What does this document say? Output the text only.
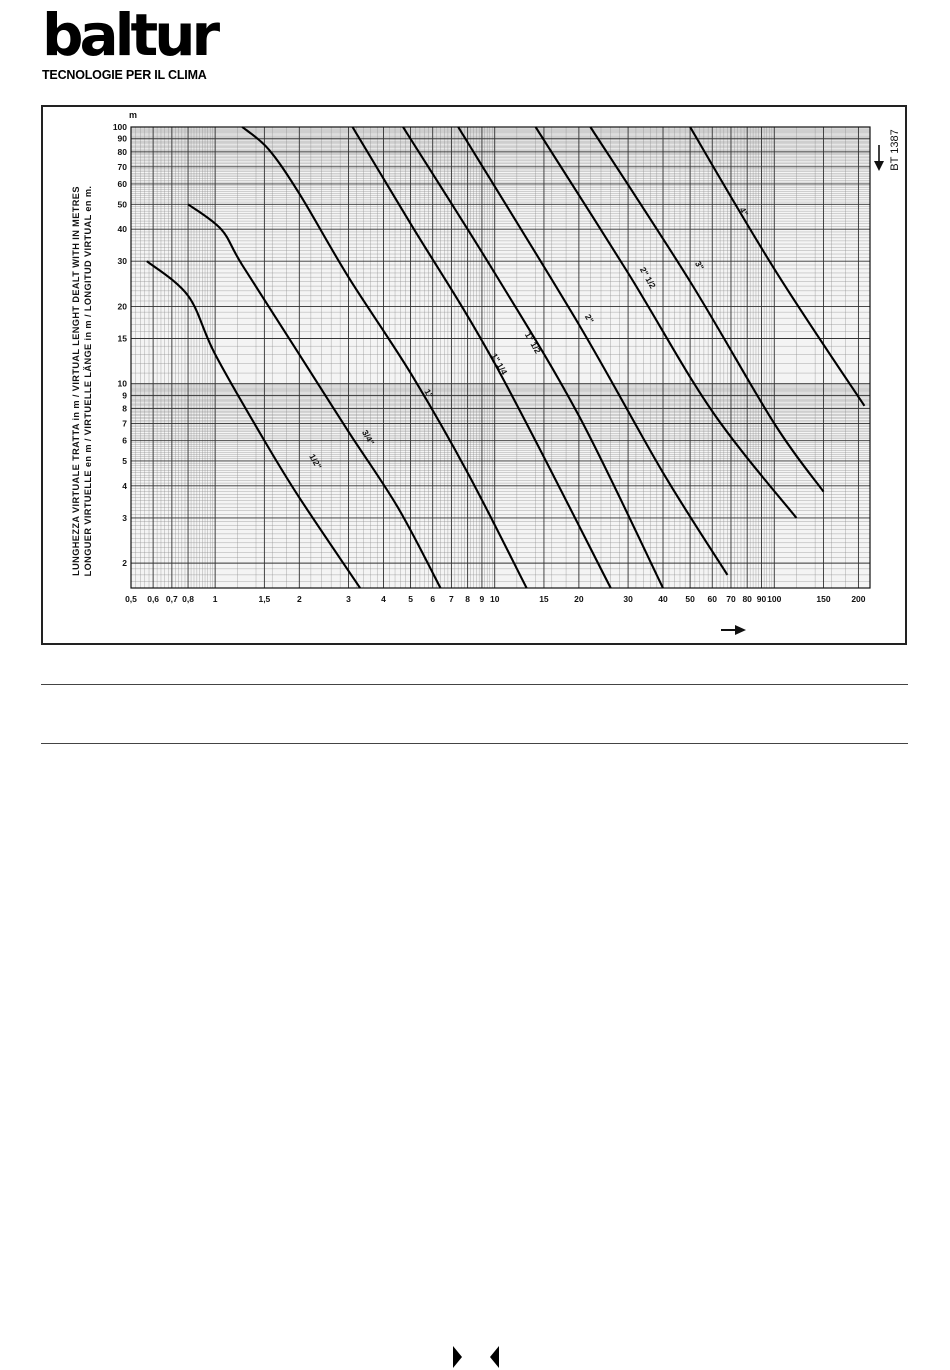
baltur
TECNOLOGIE PER IL CLIMA
0,5 0,6 0,7 0,8 1	1,5	2	3	4	5 6 7 8 9 10	15	20	30	40 50 60 70 80 90 100	150 200
100
90
80
70
60
50
40
30
20
15
10
9
8
7
6
5
4
3
2
m
LUNGHEZZA VIRTUALE TRATTA in m / VIRTUAL LENGHT DEALT WITH IN METRES LONGUER VIRTUELLE en m / VIRTUELLE LÄNGE in m / LONGITUD VIRTUAL en m.
BT 1387
1/2"
3/4"
1"
1" 1/4
1" 1/2
2"
2" 1/2	3"
4"
